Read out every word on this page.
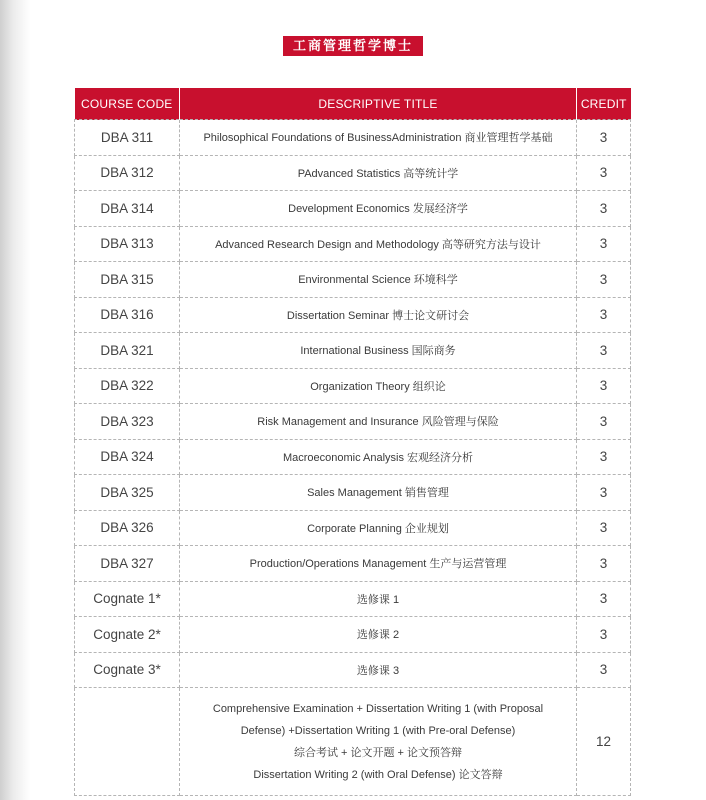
工商管理哲学博士
COURSE CODE	DESCRIPTIVE TITLE	CREDIT
DBA 311	Philosophical Foundations of BusinessAdministration 商业管理哲学基础	3
DBA 312	PAdvanced Statistics 高等统计学	3
DBA 314	Development Economics 发展经济学	3
DBA 313	Advanced Research Design and Methodology 高等研究方法与设计	3
DBA 315	Environmental Science 环境科学	3
DBA 316	Dissertation Seminar 博士论文研讨会	3
DBA 321	International Business 国际商务	3
DBA 322	Organization Theory 组织论	3
DBA 323	Risk Management and Insurance 风险管理与保险	3
DBA 324	Macroeconomic Analysis 宏观经济分析	3
DBA 325	Sales Management 销售管理	3
DBA 326	Corporate Planning 企业规划	3
DBA 327	Production/Operations Management 生产与运营管理	3
Cognate 1*	选修课 1	3
Cognate 2*	选修课 2	3
Cognate 3*	选修课 3	3

	Comprehensive Examination + Dissertation Writing 1 (with Proposal
Defense) +Dissertation Writing 1 (with Pre-oral Defense)
综合考试 + 论文开题 + 论文预答辩
Dissertation Writing 2 (with Oral Defense) 论文答辩	12
